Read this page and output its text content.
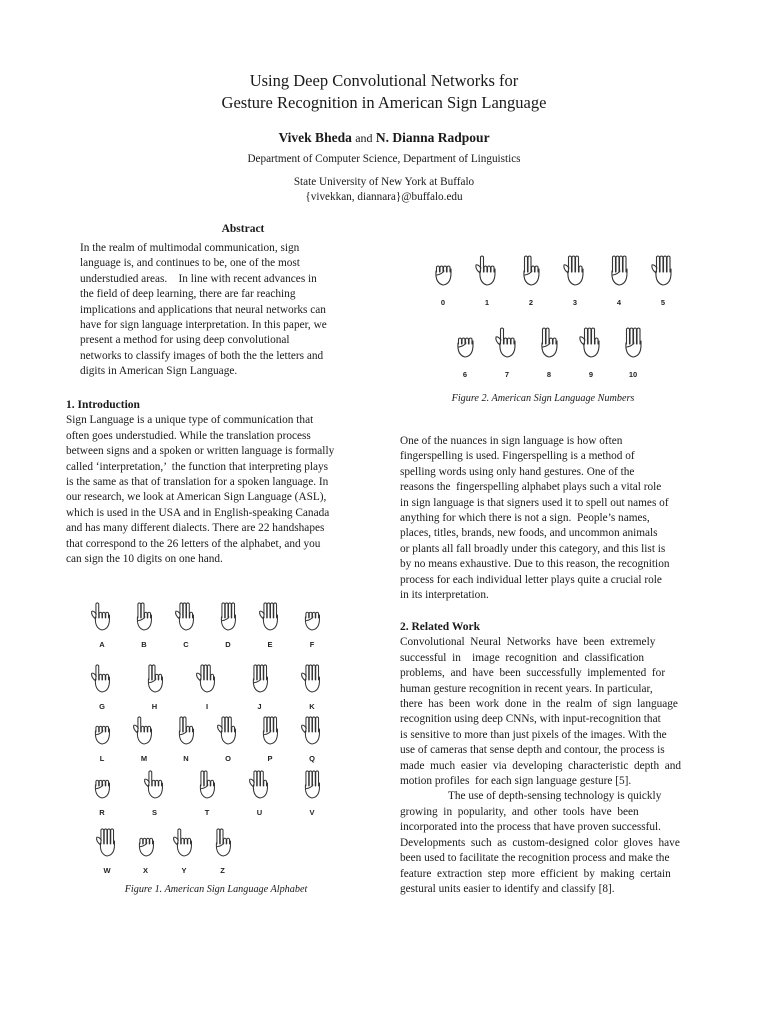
Using Deep Convolutional Networks for
Gesture Recognition in American Sign Language
Vivek Bheda and N. Dianna Radpour
Department of Computer Science, Department of Linguistics
State University of New York at Buffalo
{vivekkan, diannara}@buffalo.edu
Abstract
In the realm of multimodal communication, sign
language is, and continues to be, one of the most
understudied areas.    In line with recent advances in
the field of deep learning, there are far reaching
implications and applications that neural networks can
have for sign language interpretation. In this paper, we
present a method for using deep convolutional
networks to classify images of both the the letters and
digits in American Sign Language.
1. Introduction
Sign Language is a unique type of communication that
often goes understudied. While the translation process
between signs and a spoken or written language is formally
called ‘interpretation,’  the function that interpreting plays
is the same as that of translation for a spoken language. In
our research, we look at American Sign Language (ASL),
which is used in the USA and in English-speaking Canada
and has many different dialects. There are 22 handshapes
that correspond to the 26 letters of the alphabet, and you
can sign the 10 digits on one hand.
A	B	C	D	E	F
G	H	I	J	K
L	M	N	O	P	Q
R	S	T	U	V
W	X	Y	Z
Figure 1. American Sign Language Alphabet
0	1	2	3	4	5
6	7	8	9	10
Figure 2. American Sign Language Numbers
One of the nuances in sign language is how often
fingerspelling is used. Fingerspelling is a method of
spelling words using only hand gestures. One of the
reasons the  fingerspelling alphabet plays such a vital role
in sign language is that signers used it to spell out names of
anything for which there is not a sign.  People’s names,
places, titles, brands, new foods, and uncommon animals
or plants all fall broadly under this category, and this list is
by no means exhaustive. Due to this reason, the recognition
process for each individual letter plays quite a crucial role
in its interpretation.
2. Related Work
Convolutional  Neural  Networks  have  been  extremely
successful  in    image  recognition  and  classification
problems,  and  have  been  successfully  implemented  for
human gesture recognition in recent years. In particular,
there  has  been  work  done  in  the  realm  of  sign  language
recognition using deep CNNs, with input-recognition that
is sensitive to more than just pixels of the images. With the
use of cameras that sense depth and contour, the process is
made  much  easier  via  developing  characteristic  depth  and
motion profiles  for each sign language gesture [5].
The use of depth-sensing technology is quickly
growing  in  popularity,  and  other  tools  have  been
incorporated into the process that have proven successful.
Developments  such  as  custom-designed  color  gloves  have
been used to facilitate the recognition process and make the
feature  extraction  step  more  efficient  by  making  certain
gestural units easier to identify and classify [8].
